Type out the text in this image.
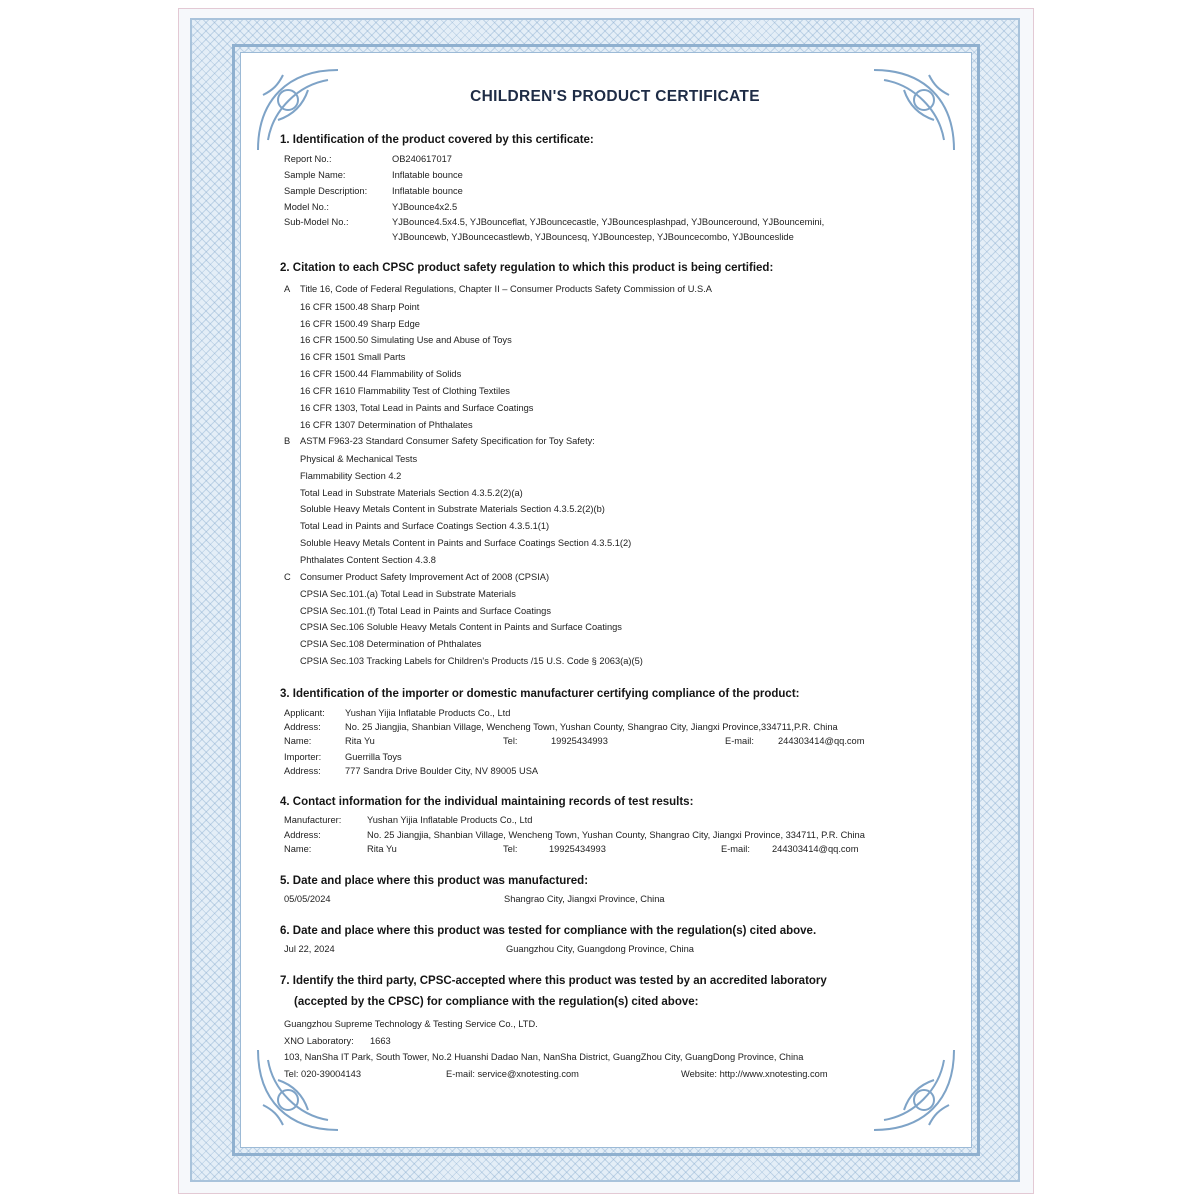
CHILDREN'S PRODUCT CERTIFICATE
1. Identification of the product covered by this certificate:
Report No.:	OB240617017
Sample Name:	Inflatable bounce
Sample Description:	Inflatable bounce
Model No.:	YJBounce4x2.5
Sub-Model No.:	YJBounce4.5x4.5, YJBounceflat, YJBouncecastle, YJBouncesplashpad, YJBounceround, YJBouncemini,
YJBouncewb, YJBouncecastlewb, YJBouncesq, YJBouncestep, YJBouncecombo, YJBounceslide
2. Citation to each CPSC product safety regulation to which this product is being certified:
A Title 16, Code of Federal Regulations, Chapter II – Consumer Products Safety Commission of U.S.A
16 CFR 1500.48 Sharp Point
16 CFR 1500.49 Sharp Edge
16 CFR 1500.50 Simulating Use and Abuse of Toys
16 CFR 1501 Small Parts
16 CFR 1500.44 Flammability of Solids
16 CFR 1610 Flammability Test of Clothing Textiles
16 CFR 1303, Total Lead in Paints and Surface Coatings
16 CFR 1307 Determination of Phthalates
B ASTM F963-23 Standard Consumer Safety Specification for Toy Safety:
Physical & Mechanical Tests
Flammability Section 4.2
Total Lead in Substrate Materials Section 4.3.5.2(2)(a)
Soluble Heavy Metals Content in Substrate Materials Section 4.3.5.2(2)(b)
Total Lead in Paints and Surface Coatings Section 4.3.5.1(1)
Soluble Heavy Metals Content in Paints and Surface Coatings Section 4.3.5.1(2)
Phthalates Content Section 4.3.8
C Consumer Product Safety Improvement Act of 2008 (CPSIA)
CPSIA Sec.101.(a) Total Lead in Substrate Materials
CPSIA Sec.101.(f) Total Lead in Paints and Surface Coatings
CPSIA Sec.106 Soluble Heavy Metals Content in Paints and Surface Coatings
CPSIA Sec.108 Determination of Phthalates
CPSIA Sec.103 Tracking Labels for Children's Products /15 U.S. Code § 2063(a)(5)
3. Identification of the importer or domestic manufacturer certifying compliance of the product:
Applicant: Yushan Yijia Inflatable Products Co., Ltd
Address:	No. 25 Jiangjia, Shanbian Village, Wencheng Town, Yushan County, Shangrao City, Jiangxi Province,334711,P.R. China
Name:	Rita Yu	Tel:	19925434993	E-mail:	244303414@qq.com
Importer:	Guerrilla Toys
Address:	777 Sandra Drive Boulder City, NV 89005 USA
4. Contact information for the individual maintaining records of test results:
Manufacturer:	Yushan Yijia Inflatable Products Co., Ltd
Address:	No. 25 Jiangjia, Shanbian Village, Wencheng Town, Yushan County, Shangrao City, Jiangxi Province, 334711, P.R. China
Name:	Rita Yu	Tel:	19925434993	E-mail: 244303414@qq.com
5. Date and place where this product was manufactured:
05/05/2024	Shangrao City, Jiangxi Province, China
6. Date and place where this product was tested for compliance with the regulation(s) cited above.
Jul 22, 2024	Guangzhou City, Guangdong Province, China
7. Identify the third party, CPSC-accepted where this product was tested by an accredited laboratory
(accepted by the CPSC) for compliance with the regulation(s) cited above:
Guangzhou Supreme Technology & Testing Service Co., LTD.
XNO Laboratory: 1663
103, NanSha IT Park, South Tower, No.2 Huanshi Dadao Nan, NanSha District, GuangZhou City, GuangDong Province, China
Tel: 020-39004143	E-mail: service@xnotesting.com	Website: http://www.xnotesting.com
